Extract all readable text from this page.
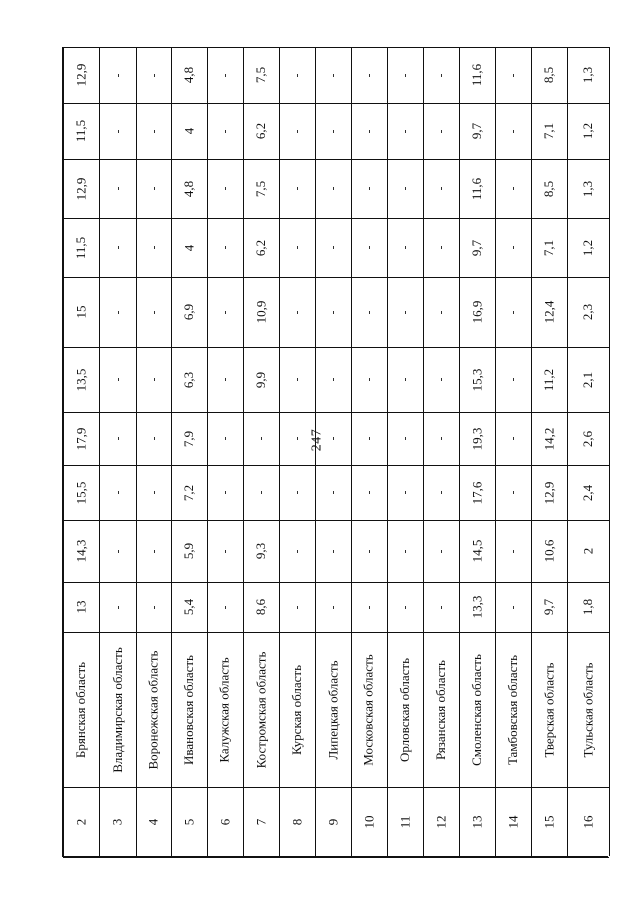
247
2
Брянская область
13
14,3
15,5
17,9
13,5
15
11,5
12,9
11,5
12,9
3
Владимирская область
-
-
-
-
-
-
-
-
-
-
4
Воронежская область
-
-
-
-
-
-
-
-
-
-
5
Ивановская область
5,4
5,9
7,2
7,9
6,3
6,9
4
4,8
4
4,8
6
Калужская область
-
-
-
-
-
-
-
-
-
-
7
Костромская область
8,6
9,3
-
-
9,9
10,9
6,2
7,5
6,2
7,5
8
Курская область
-
-
-
-
-
-
-
-
-
-
9
Липецкая область
-
-
-
-
-
-
-
-
-
-
10
Московская область
-
-
-
-
-
-
-
-
-
-
11
Орловская область
-
-
-
-
-
-
-
-
-
-
12
Рязанская область
-
-
-
-
-
-
-
-
-
-
13
Смоленская область
13,3
14,5
17,6
19,3
15,3
16,9
9,7
11,6
9,7
11,6
14
Тамбовская область
-
-
-
-
-
-
-
-
-
-
15
Тверская область
9,7
10,6
12,9
14,2
11,2
12,4
7,1
8,5
7,1
8,5
16
Тульская область
1,8
2
2,4
2,6
2,1
2,3
1,2
1,3
1,2
1,3
